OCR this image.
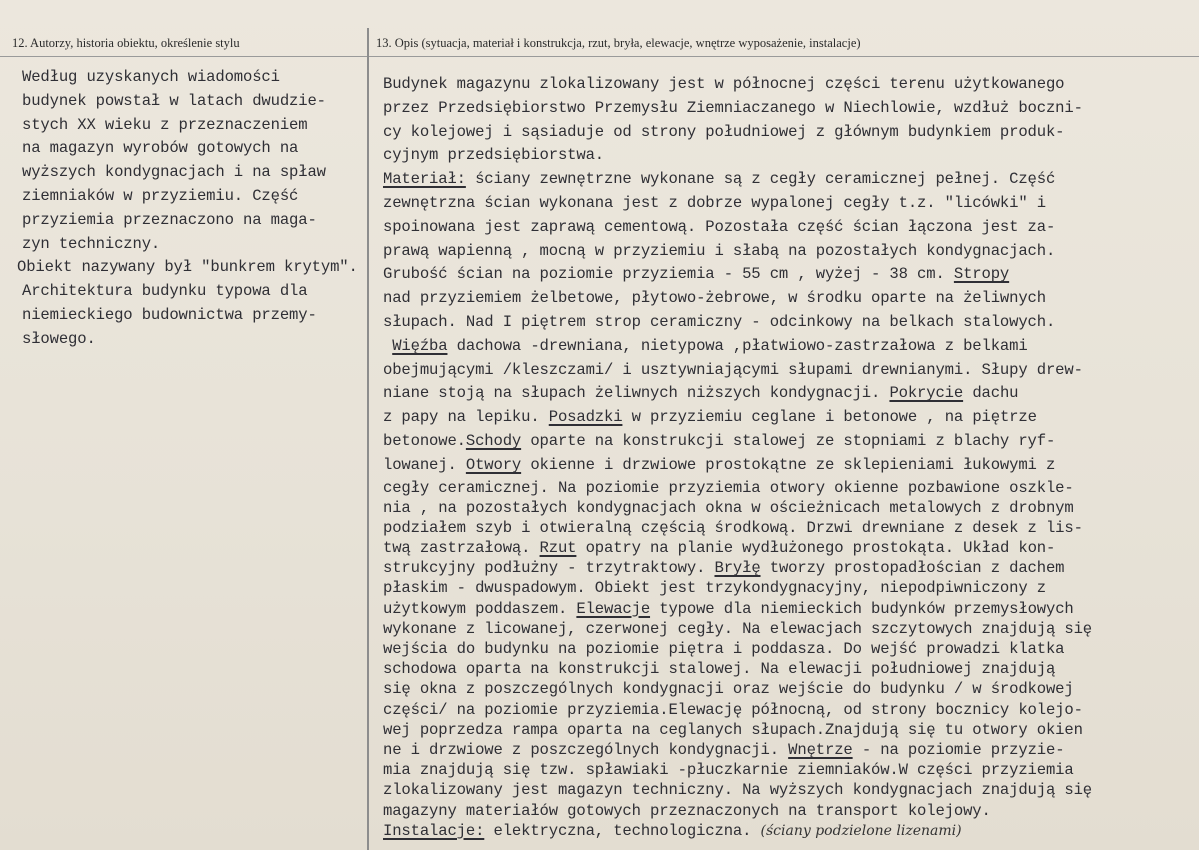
12. Autorzy, historia obiektu, określenie stylu	13. Opis (sytuacja, materiał i konstrukcja, rzut, bryła, elewacje, wnętrze wyposażenie, instalacje)
Według uzyskanych wiadomości
budynek powstał w latach dwudzie-
stych XX wieku z przeznaczeniem
na magazyn wyrobów gotowych na
wyższych kondygnacjach i na spław
ziemniaków w przyziemiu. Część
przyziemia przeznaczono na maga-
zyn techniczny.
Obiekt nazywany był "bunkrem krytym".
Architektura budynku typowa dla
niemieckiego budownictwa przemy-
słowego.
Budynek magazynu zlokalizowany jest w północnej części terenu użytkowanego
przez Przedsiębiorstwo Przemysłu Ziemniaczanego w Niechlowie, wzdłuż boczni-
cy kolejowej i sąsiaduje od strony południowej z głównym budynkiem produk-
cyjnym przedsiębiorstwa.
Materiał: ściany zewnętrzne wykonane są z cegły ceramicznej pełnej. Część
zewnętrzna ścian wykonana jest z dobrze wypalonej cegły t.z. "licówki" i
spoinowana jest zaprawą cementową. Pozostała część ścian łączona jest za-
prawą wapienną , mocną w przyziemiu i słabą na pozostałych kondygnacjach.
Grubość ścian na poziomie przyziemia - 55 cm , wyżej - 38 cm. Stropy
nad przyziemiem żelbetowe, płytowo-żebrowe, w środku oparte na żeliwnych
słupach. Nad I piętrem strop ceramiczny - odcinkowy na belkach stalowych.
Więźba dachowa -drewniana, nietypowa ,płatwiowo-zastrzałowa z belkami
obejmującymi /kleszczami/ i usztywniającymi słupami drewnianymi. Słupy drew-
niane stoją na słupach żeliwnych niższych kondygnacji. Pokrycie dachu
z papy na lepiku. Posadzki w przyziemiu ceglane i betonowe , na piętrze
betonowe.Schody oparte na konstrukcji stalowej ze stopniami z blachy ryf-
lowanej. Otwory okienne i drzwiowe prostokątne ze sklepieniami łukowymi z
cegły ceramicznej. Na poziomie przyziemia otwory okienne pozbawione oszkle-
nia , na pozostałych kondygnacjach okna w ościeżnicach metalowych z drobnym
podziałem szyb i otwieralną częścią środkową. Drzwi drewniane z desek z lis-
twą zastrzałową. Rzut opatry na planie wydłużonego prostokąta. Układ kon-
strukcyjny podłużny - trzytraktowy. Bryłę tworzy prostopadłościan z dachem
płaskim - dwuspadowym. Obiekt jest trzykondygnacyjny, niepodpiwniczony z
użytkowym poddaszem. Elewacje typowe dla niemieckich budynków przemysłowych
wykonane z licowanej, czerwonej cegły. Na elewacjach szczytowych znajdują się
wejścia do budynku na poziomie piętra i poddasza. Do wejść prowadzi klatka
schodowa oparta na konstrukcji stalowej. Na elewacji południowej znajdują
się okna z poszczególnych kondygnacji oraz wejście do budynku / w środkowej
części/ na poziomie przyziemia.Elewację północną, od strony bocznicy kolejo-
wej poprzedza rampa oparta na ceglanych słupach.Znajdują się tu otwory okien
ne i drzwiowe z poszczególnych kondygnacji. Wnętrze - na poziomie przyzie-
mia znajdują się tzw. spławiaki -płuczkarnie ziemniaków.W części przyziemia
zlokalizowany jest magazyn techniczny. Na wyższych kondygnacjach znajdują się
magazyny materiałów gotowych przeznaczonych na transport kolejowy.
Instalacje: elektryczna, technologiczna. (ściany podzielone lizenami)
